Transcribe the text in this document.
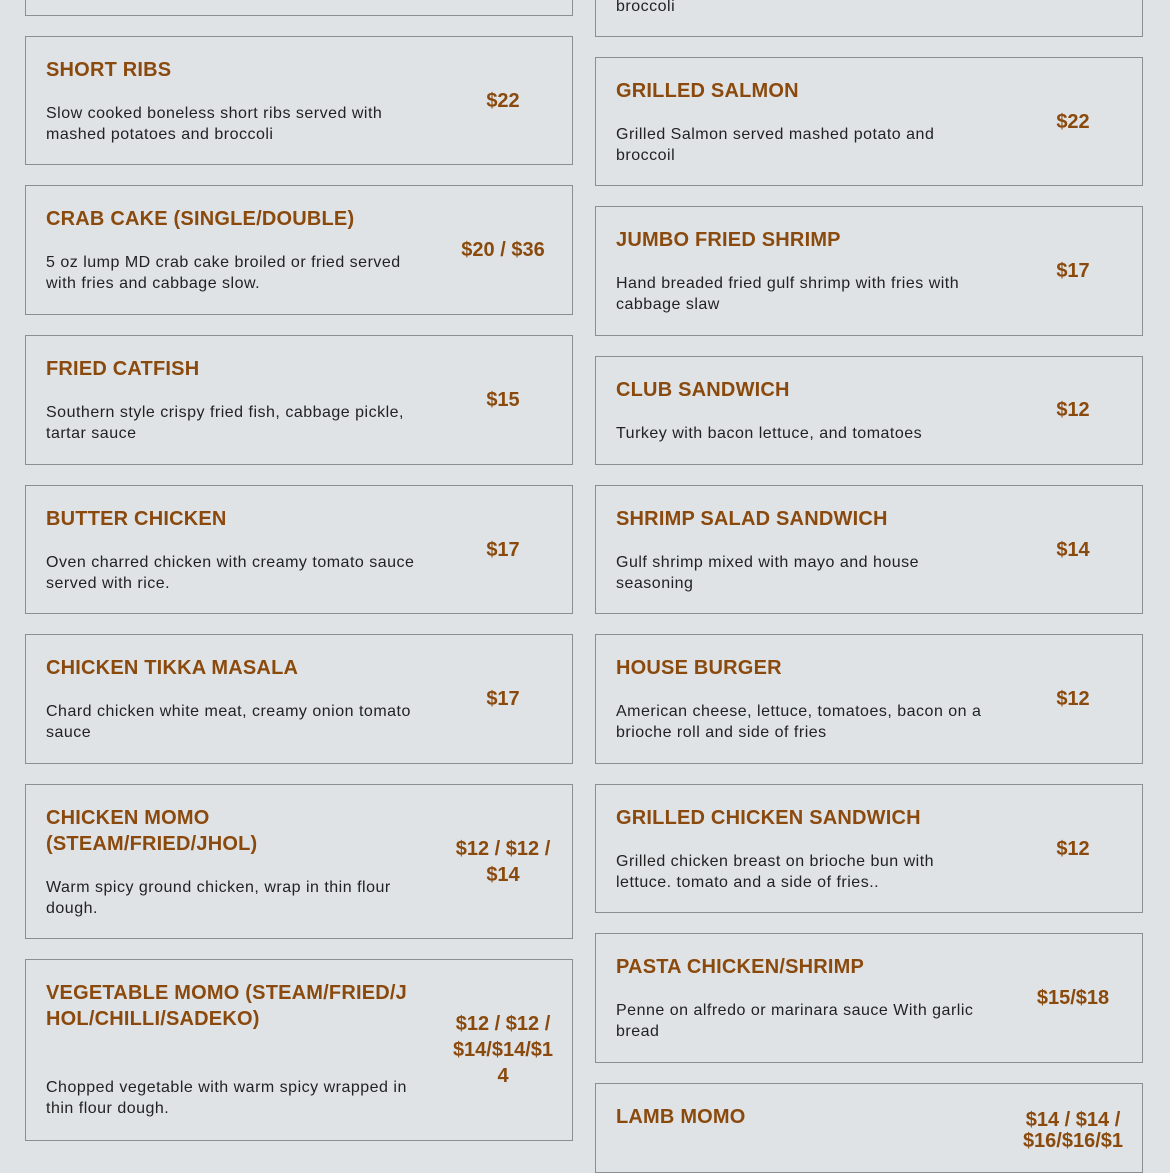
SHORT RIBS
Slow cooked boneless short ribs served with mashed potatoes and broccoli
$22
CRAB CAKE (SINGLE/DOUBLE)
5 oz lump MD crab cake broiled or fried served with fries and cabbage slow.
$20 / $36
FRIED CATFISH
Southern style crispy fried fish, cabbage pickle, tartar sauce
$15
BUTTER CHICKEN
Oven charred chicken with creamy tomato sauce served with rice.
$17
CHICKEN TIKKA MASALA
Chard chicken white meat, creamy onion tomato sauce
$17
CHICKEN MOMO (STEAM/FRIED/JHOL)
Warm spicy ground chicken, wrap in thin flour dough.
$12 / $12 / $14
VEGETABLE MOMO (STEAM/FRIED/JHOL/CHILLI/SADEKO)
Chopped vegetable with warm spicy wrapped in thin flour dough.
$12 / $12 / $14/$14/$14
broccoli
GRILLED SALMON
Grilled Salmon served mashed potato and broccoil
$22
JUMBO FRIED SHRIMP
Hand breaded fried gulf shrimp with fries with cabbage slaw
$17
CLUB SANDWICH
Turkey with bacon lettuce, and tomatoes
$12
SHRIMP SALAD SANDWICH
Gulf shrimp mixed with mayo and house seasoning
$14
HOUSE BURGER
American cheese, lettuce, tomatoes, bacon on a brioche roll and side of fries
$12
GRILLED CHICKEN SANDWICH
Grilled chicken breast on brioche bun with lettuce. tomato and a side of fries..
$12
PASTA CHICKEN/SHRIMP
Penne on alfredo or marinara sauce With garlic bread
$15/$18
LAMB MOMO	$14 / $14 / $16/$16/$1
